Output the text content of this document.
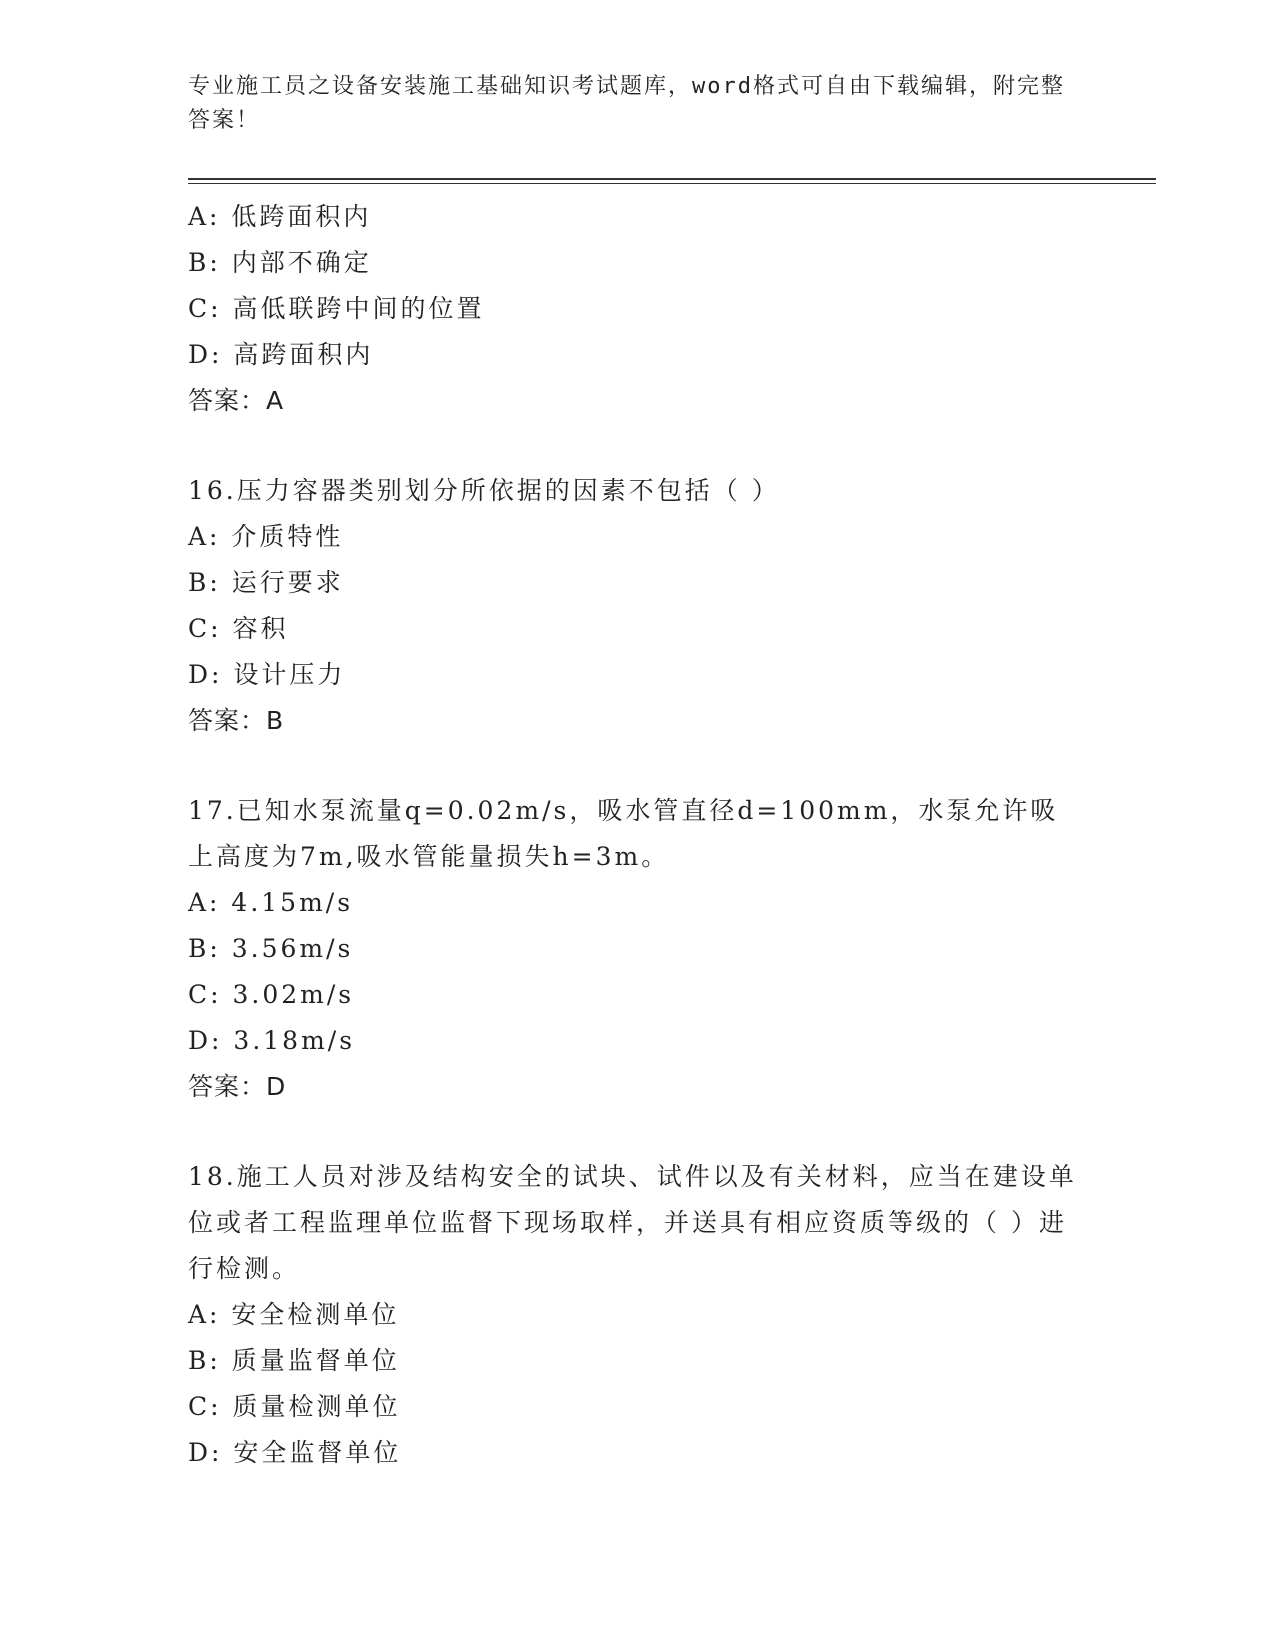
专业施工员之设备安装施工基础知识考试题库，word格式可自由下载编辑，附完整答案！

A: 低跨面积内

B: 内部不确定

C: 高低联跨中间的位置

D: 高跨面积内

答案：A

16.压力容器类别划分所依据的因素不包括（ ）

A: 介质特性

B: 运行要求

C: 容积

D: 设计压力

答案：B

17.已知水泵流量q=0.02m/s，吸水管直径d=100mm，水泵允许吸上高度为7m,吸水管能量损失h=3m。

A: 4.15m/s

B: 3.56m/s

C: 3.02m/s

D: 3.18m/s

答案：D

18.施工人员对涉及结构安全的试块、试件以及有关材料，应当在建设单位或者工程监理单位监督下现场取样，并送具有相应资质等级的（ ）进行检测。

A: 安全检测单位

B: 质量监督单位

C: 质量检测单位

D: 安全监督单位
